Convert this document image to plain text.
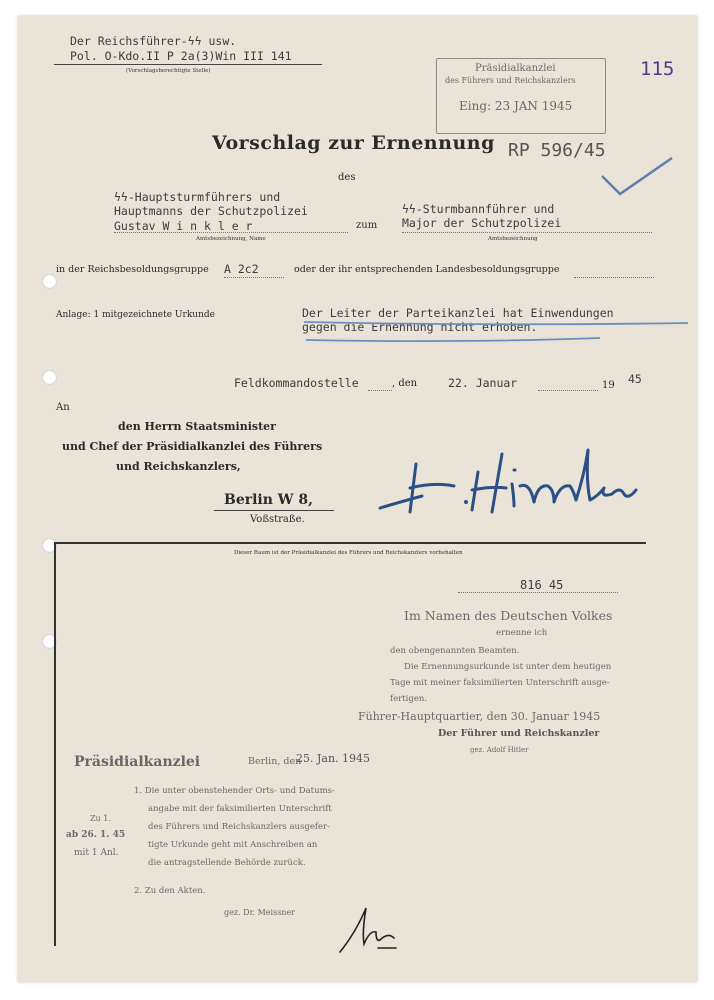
Der Reichsführer-ϟϟ usw.
Pol. O-Kdo.II P 2a(3)Win III 141
(Vorschlagsberechtigte Stelle)	Präsidialkanzlei
des Führers und Reichskanzlers
Eing: 23 JAN 1945
115
Vorschlag zur Ernennung RP 596/45
des
ϟϟ-Hauptsturmführers und
Hauptmanns der Schutzpolizei
Gustav W i n k l e r
Amtsbezeichnung, Name
zum
ϟϟ-Sturmbannführer und
Major der Schutzpolizei
Amtsbezeichnung
in der Reichsbesoldungsgruppe A 2c2	oder der ihr entsprechenden Landesbesoldungsgruppe
Anlage: 1 mitgezeichnete Urkunde	Der Leiter der Parteikanzlei hat Einwendungen
gegen die Ernennung nicht erhoben.
Feldkommandostelle	, den	22. Januar	19 45
An
den Herrn Staatsminister
und Chef der Präsidialkanzlei des Führers
und Reichskanzlers,
Berlin W 8,
Voßstraße.
Dieser Raum ist der Präsidialkanzlei des Führers und Reichskanzlers vorbehalten
816 45
Im Namen des Deutschen Volkes
ernenne ich
den obengenannten Beamten.
Die Ernennungsurkunde ist unter dem heutigen
Tage mit meiner faksimilierten Unterschrift ausge-
fertigen.
Führer-Hauptquartier, den 30. Januar 1945
Der Führer und Reichskanzler
gez. Adolf Hitler
Präsidialkanzlei	Berlin, den
25. Jan. 1945
1. Die unter obenstehender Orts- und Datums-
angabe mit der faksimilierten Unterschrift
des Führers und Reichskanzlers ausgefer-
tigte Urkunde geht mit Anschreiben an
die antragstellende Behörde zurück.
2. Zu den Akten.
gez. Dr. Meissner
Zu 1.
ab 26. 1. 45
mit 1 Anl.
